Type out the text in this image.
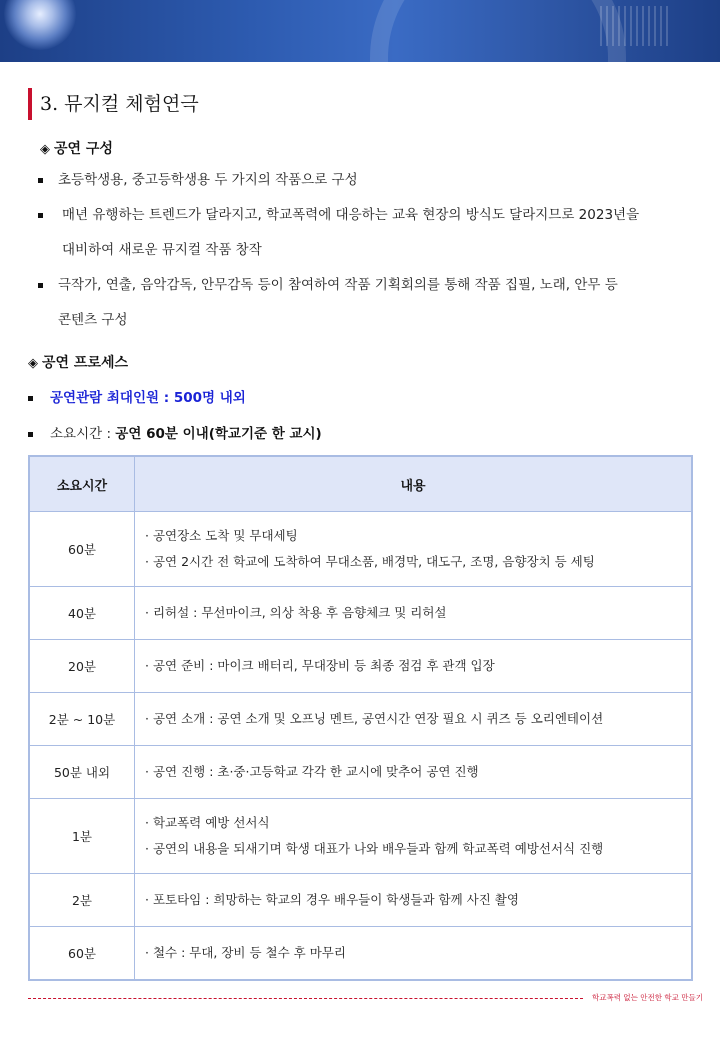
3. 뮤지컬 체험연극
◈ 공연 구성
초등학생용, 중고등학생용 두 가지의 작품으로 구성
매년 유행하는 트렌드가 달라지고, 학교폭력에 대응하는 교육 현장의 방식도 달라지므로 2023년을
대비하여 새로운 뮤지컬 작품 창작
극작가, 연출, 음악감독, 안무감독 등이 참여하여 작품 기획회의를 통해 작품 집필, 노래, 안무 등
콘텐츠 구성
◈ 공연 프로세스
공연관람 최대인원 : 500명 내외
소요시간 : 공연 60분 이내(학교기준 한 교시)
소요시간	내용
60분	· 공연장소 도착 및 무대세팅
· 공연 2시간 전 학교에 도착하여 무대소품, 배경막, 대도구, 조명, 음향장치 등 세팅

40분	· 리허설 : 무선마이크, 의상 착용 후 음향체크 및 리허설

20분	· 공연 준비 : 마이크 배터리, 무대장비 등 최종 점검 후 관객 입장

2분 ~ 10분	· 공연 소개 : 공연 소개 및 오프닝 멘트, 공연시간 연장 필요 시 퀴즈 등 오리엔테이션

50분 내외	· 공연 진행 : 초·중·고등학교 각각 한 교시에 맞추어 공연 진행

1분	· 학교폭력 예방 선서식
· 공연의 내용을 되새기며 학생 대표가 나와 배우들과 함께 학교폭력 예방선서식 진행

2분	· 포토타임 : 희망하는 학교의 경우 배우들이 학생들과 함께 사진 촬영

60분	· 철수 : 무대, 장비 등 철수 후 마무리
학교폭력 없는 안전한 학교 만들기
